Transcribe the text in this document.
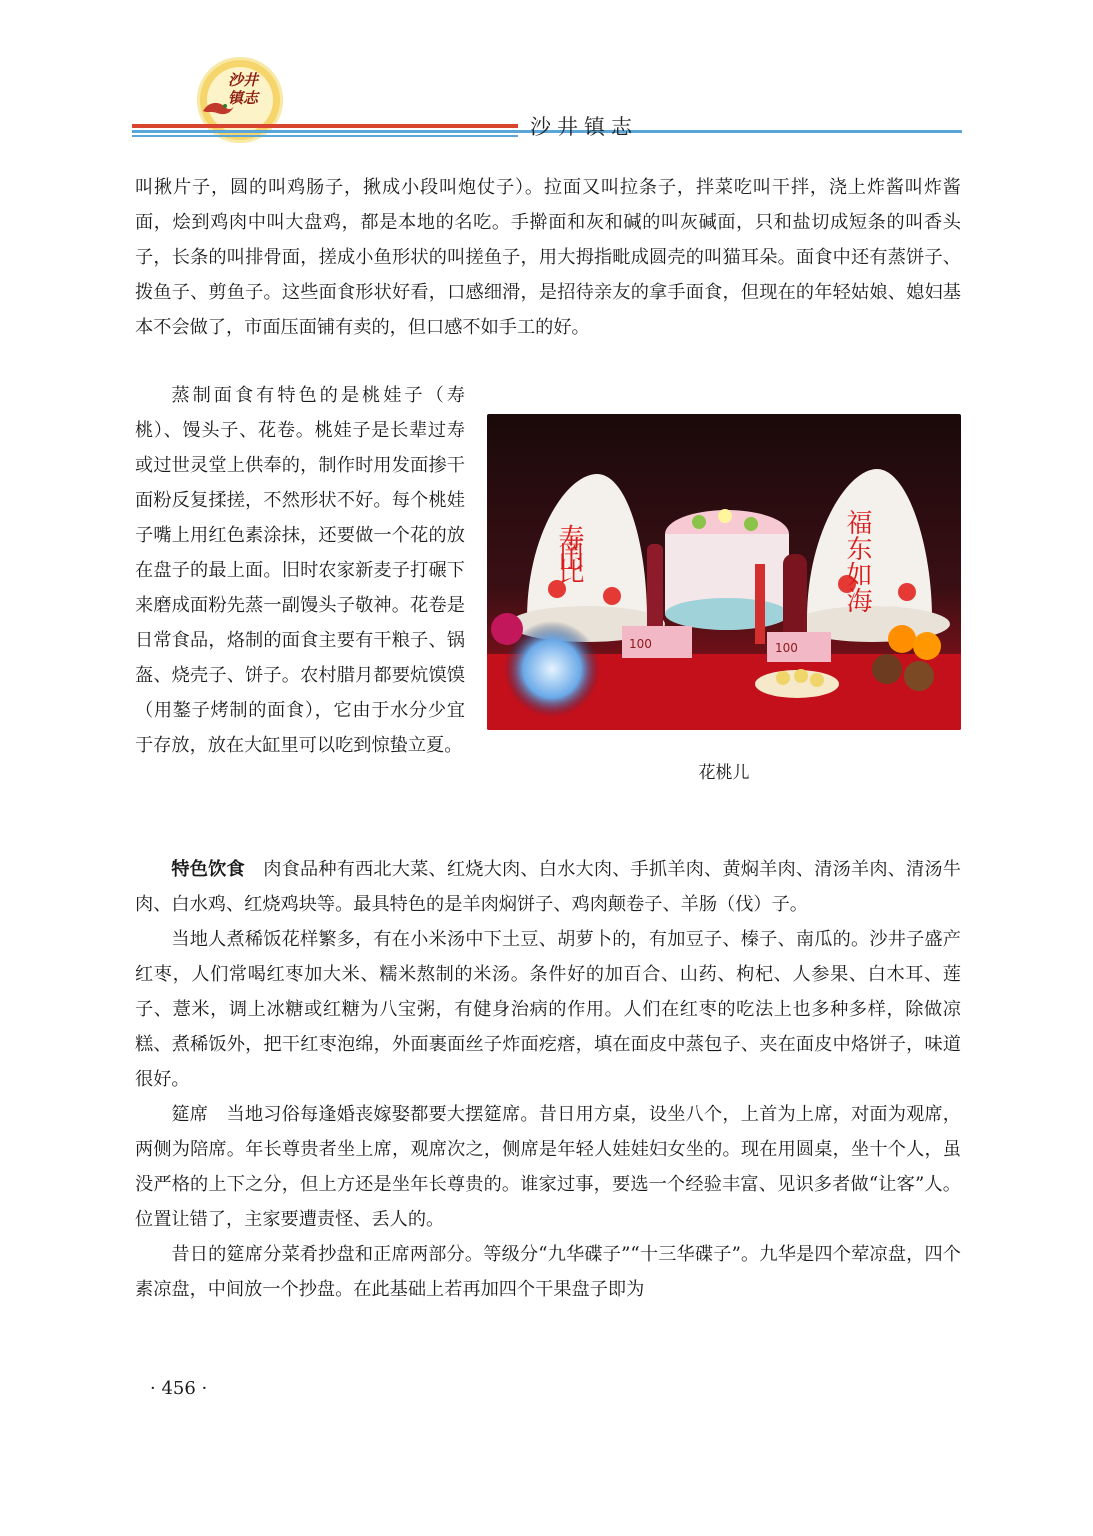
沙井
镇志
沙井镇志

叫揪片子，圆的叫鸡肠子，揪成小段叫炮仗子）。拉面又叫拉条子，拌菜吃叫干拌，浇上炸酱叫炸酱面，烩到鸡肉中叫大盘鸡，都是本地的名吃。手擀面和灰和碱的叫灰碱面，只和盐切成短条的叫香头子，长条的叫排骨面，搓成小鱼形状的叫搓鱼子，用大拇指毗成圆壳的叫猫耳朵。面食中还有蒸饼子、拨鱼子、剪鱼子。这些面食形状好看，口感细滑，是招待亲友的拿手面食，但现在的年轻姑娘、媳妇基本不会做了，市面压面铺有卖的，但口感不如手工的好。

蒸制面食有特色的是桃娃子（寿桃）、馒头子、花卷。桃娃子是长辈过寿或过世灵堂上供奉的，制作时用发面掺干面粉反复揉搓，不然形状不好。每个桃娃子嘴上用红色素涂抹，还要做一个花的放在盘子的最上面。旧时农家新麦子打碾下来磨成面粉先蒸一副馒头子敬神。花卷是日常食品，烙制的面食主要有干粮子、锅盔、烧壳子、饼子。农村腊月都要炕馍馍（用鏊子烤制的面食），它由于水分少宜于存放，放在大缸里可以吃到惊蛰立夏。

寿南山比	福东如海
100	100
花桃儿

特色饮食　 肉食品种有西北大菜、红烧大肉、白水大肉、手抓羊肉、黄焖羊肉、清汤羊肉、清汤牛肉、白水鸡、红烧鸡块等。最具特色的是羊肉焖饼子、鸡肉颠卷子、羊肠（伐）子。

当地人煮稀饭花样繁多，有在小米汤中下土豆、胡萝卜的，有加豆子、榛子、南瓜的。沙井子盛产红枣，人们常喝红枣加大米、糯米熬制的米汤。条件好的加百合、山药、枸杞、人参果、白木耳、莲子、薏米，调上冰糖或红糖为八宝粥，有健身治病的作用。人们在红枣的吃法上也多种多样，除做凉糕、煮稀饭外，把干红枣泡绵，外面裹面丝子炸面疙瘩，填在面皮中蒸包子、夹在面皮中烙饼子，味道很好。

筵席　当地习俗每逢婚丧嫁娶都要大摆筵席。昔日用方桌，设坐八个，上首为上席，对面为观席，两侧为陪席。年长尊贵者坐上席，观席次之，侧席是年轻人娃娃妇女坐的。现在用圆桌，坐十个人，虽没严格的上下之分，但上方还是坐年长尊贵的。谁家过事，要选一个经验丰富、见识多者做“让客”人。位置让错了，主家要遭责怪、丢人的。

昔日的筵席分菜肴抄盘和正席两部分。等级分“九华碟子”“十三华碟子”。九华是四个荤凉盘，四个素凉盘，中间放一个抄盘。在此基础上若再加四个干果盘子即为

· 456 ·
